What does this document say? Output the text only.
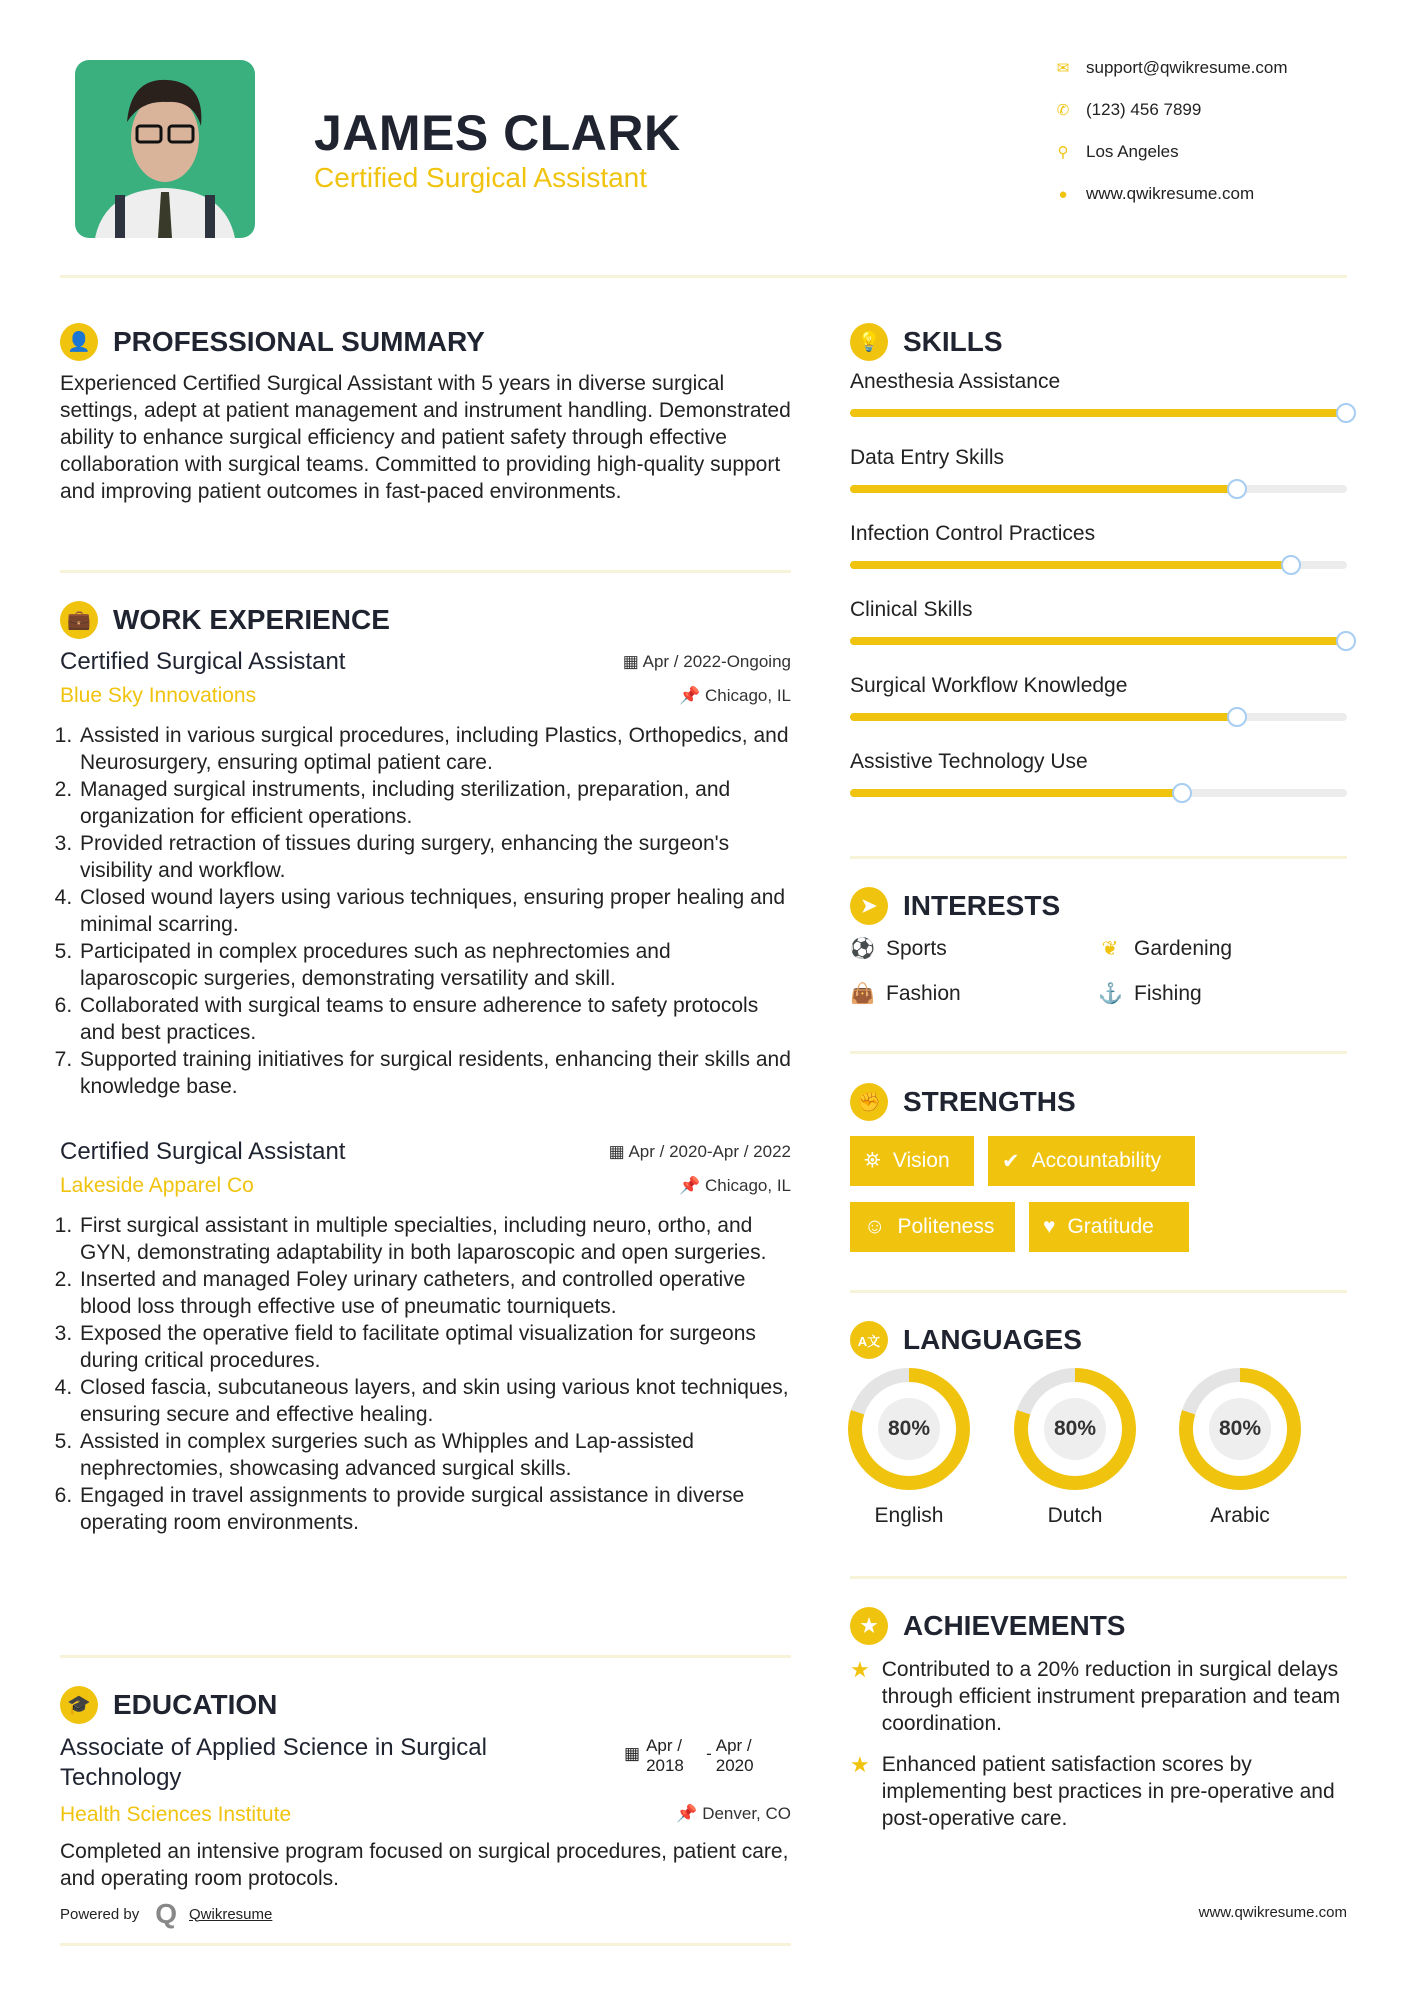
JAMES CLARK
Certified Surgical Assistant
✉ support@qwikresume.com
✆ (123) 456 7899
⚲	Los Angeles
●	www.qwikresume.com
👤 PROFESSIONAL SUMMARY
Experienced Certified Surgical Assistant with 5 years in diverse surgical settings, adept at patient management and instrument handling. Demonstrated ability to enhance surgical efficiency and patient safety through effective collaboration with surgical teams. Committed to providing high-quality support and improving patient outcomes in fast-paced environments.
💼 WORK EXPERIENCE
Certified Surgical Assistant	▦ Apr / 2022-Ongoing
Blue Sky Innovations	📌 Chicago, IL
1. Assisted in various surgical procedures, including Plastics, Orthopedics, and Neurosurgery, ensuring optimal patient care.
2. Managed surgical instruments, including sterilization, preparation, and organization for efficient operations.
3. Provided retraction of tissues during surgery, enhancing the surgeon's visibility and workflow.
4. Closed wound layers using various techniques, ensuring proper healing and minimal scarring.
5. Participated in complex procedures such as nephrectomies and laparoscopic surgeries, demonstrating versatility and skill.
6. Collaborated with surgical teams to ensure adherence to safety protocols and best practices.
7. Supported training initiatives for surgical residents, enhancing their skills and knowledge base.
Certified Surgical Assistant	▦ Apr / 2020-Apr / 2022
Lakeside Apparel Co	📌 Chicago, IL
1. First surgical assistant in multiple specialties, including neuro, ortho, and GYN, demonstrating adaptability in both laparoscopic and open surgeries.
2. Inserted and managed Foley urinary catheters, and controlled operative blood loss through effective use of pneumatic tourniquets.
3. Exposed the operative field to facilitate optimal visualization for surgeons during critical procedures.
4. Closed fascia, subcutaneous layers, and skin using various knot techniques, ensuring secure and effective healing.
5. Assisted in complex surgeries such as Whipples and Lap-assisted nephrectomies, showcasing advanced surgical skills.
6. Engaged in travel assignments to provide surgical assistance in diverse operating room environments.
🎓 EDUCATION
Associate of Applied Science in Surgical Technology
▦ Apr / 2018
- Apr / 2020
Health Sciences Institute	📌 Denver, CO
Completed an intensive program focused on surgical procedures, patient care, and operating room protocols.
Powered by Q Qwikresume	www.qwikresume.com
💡 SKILLS
Anesthesia Assistance
Data Entry Skills
Infection Control Practices
Clinical Skills
Surgical Workflow Knowledge
Assistive Technology Use
➤ INTERESTS
⚽ Sports	❦ Gardening
👜 Fashion	⚓ Fishing
✊ STRENGTHS
⛯ Vision ✔ Accountability
☺ Politeness ♥ Gratitude
A文 LANGUAGES
80%
English
80%
Dutch
80%
Arabic
★ ACHIEVEMENTS
★ Contributed to a 20% reduction in surgical delays through efficient instrument preparation and team coordination.
★ Enhanced patient satisfaction scores by implementing best practices in pre-operative and post-operative care.
